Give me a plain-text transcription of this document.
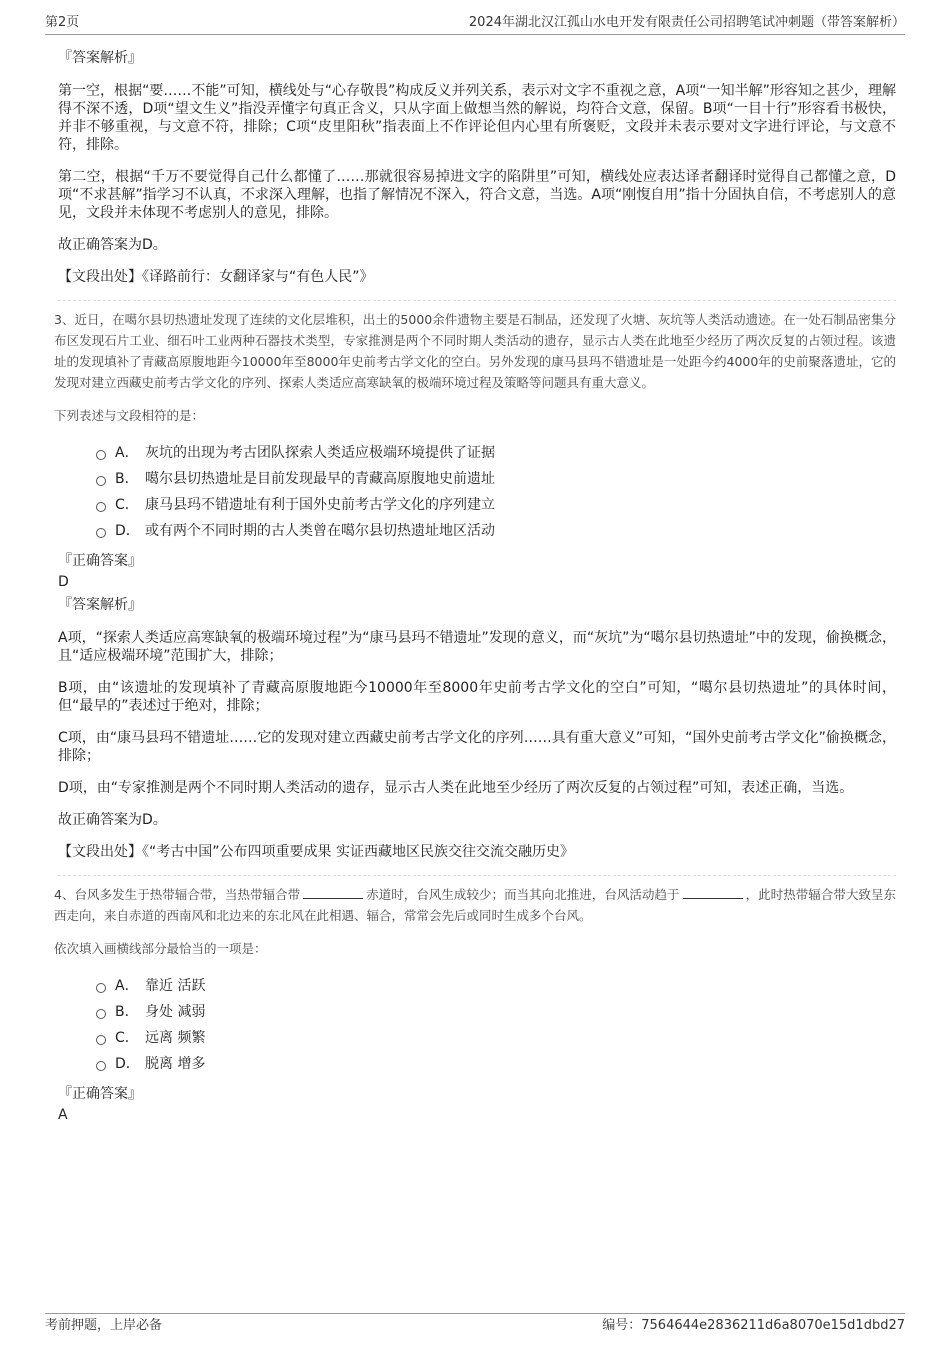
第2页	2024年湖北汉江孤山水电开发有限责任公司招聘笔试冲刺题（带答案解析）
『答案解析』

第一空，根据“要……不能”可知，横线处与“心存敬畏”构成反义并列关系，表示对文字不重视之意，A项“一知半解”形容知之甚少，理解得不深不透，D项“望文生义”指没弄懂字句真正含义，只从字面上做想当然的解说，均符合文意，保留。B项“一目十行”形容看书极快，并非不够重视，与文意不符，排除；C项“皮里阳秋”指表面上不作评论但内心里有所褒贬，文段并未表示要对文字进行评论，与文意不符，排除。

第二空，根据“千万不要觉得自己什么都懂了……那就很容易掉进文字的陷阱里”可知，横线处应表达译者翻译时觉得自己都懂之意，D项“不求甚解”指学习不认真，不求深入理解，也指了解情况不深入，符合文意，当选。A项“刚愎自用”指十分固执自信，不考虑别人的意见，文段并未体现不考虑别人的意见，排除。

故正确答案为D。

【文段出处】《译路前行：女翻译家与“有色人民”》

3、近日，在噶尔县切热遗址发现了连续的文化层堆积，出土的5000余件遗物主要是石制品，还发现了火塘、灰坑等人类活动遗迹。在一处石制品密集分布区发现石片工业、细石叶工业两种石器技术类型，专家推测是两个不同时期人类活动的遗存，显示古人类在此地至少经历了两次反复的占领过程。该遗址的发现填补了青藏高原腹地距今10000年至8000年史前考古学文化的空白。另外发现的康马县玛不错遗址是一处距今约4000年的史前聚落遗址，它的发现对建立西藏史前考古学文化的序列、探索人类适应高寒缺氧的极端环境过程及策略等问题具有重大意义。

下列表述与文段相符的是：

A． 灰坑的出现为考古团队探索人类适应极端环境提供了证据
B． 噶尔县切热遗址是目前发现最早的青藏高原腹地史前遗址
C． 康马县玛不错遗址有利于国外史前考古学文化的序列建立
D． 或有两个不同时期的古人类曾在噶尔县切热遗址地区活动
『正确答案』
D
『答案解析』

A项，“探索人类适应高寒缺氧的极端环境过程”为“康马县玛不错遗址”发现的意义，而“灰坑”为“噶尔县切热遗址”中的发现，偷换概念，且“适应极端环境”范围扩大，排除；

B项，由“该遗址的发现填补了青藏高原腹地距今10000年至8000年史前考古学文化的空白”可知，“噶尔县切热遗址”的具体时间，但“最早的”表述过于绝对，排除；

C项，由“康马县玛不错遗址……它的发现对建立西藏史前考古学文化的序列……具有重大意义”可知，“国外史前考古学文化”偷换概念，排除；

D项，由“专家推测是两个不同时期人类活动的遗存，显示古人类在此地至少经历了两次反复的占领过程”可知，表述正确，当选。

故正确答案为D。

【文段出处】《“考古中国”公布四项重要成果 实证西藏地区民族交往交流交融历史》

4、台风多发生于热带辐合带，当热带辐合带	赤道时，台风生成较少；而当其向北推进，台风活动趋于	，此时热带辐合带大致呈东西走向，来自赤道的西南风和北边来的东北风在此相遇、辐合，常常会先后或同时生成多个台风。

依次填入画横线部分最恰当的一项是：

A． 靠近 活跃
B． 身处 减弱
C． 远离 频繁
D． 脱离 增多
『正确答案』
A
考前押题，上岸必备	编号：7564644e2836211d6a8070e15d1dbd27
